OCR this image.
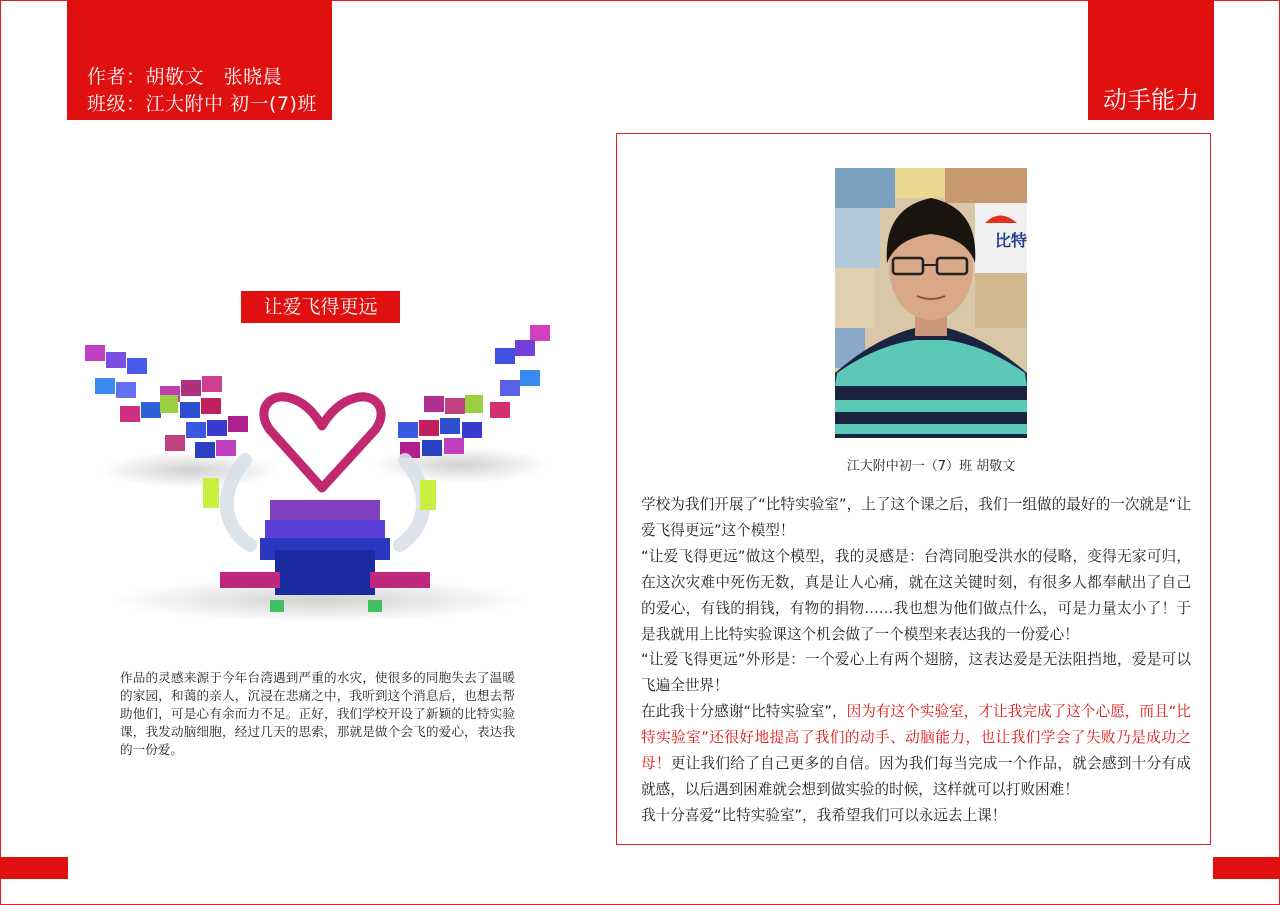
作者：胡敬文   张晓晨
班级：江大附中 初一(7)班	动手能力
让爱飞得更远
作品的灵感来源于今年台湾遇到严重的水灾，使很多的同胞失去了温暖的家园，和蔼的亲人，沉浸在悲痛之中，我听到这个消息后，也想去帮助他们，可是心有余而力不足。正好，我们学校开设了新颖的比特实验课，我发动脑细胞，经过几天的思索，那就是做个会飞的爱心，表达我的一份爱。
比特
江大附中初一（7）班 胡敬文

学校为我们开展了“比特实验室”，上了这个课之后，我们一组做的最好的一次就是“让爱飞得更远”这个模型！

“让爱飞得更远”做这个模型，我的灵感是：台湾同胞受洪水的侵略，变得无家可归，在这次灾难中死伤无数，真是让人心痛，就在这关键时刻，有很多人都奉献出了自己的爱心，有钱的捐钱，有物的捐物……我也想为他们做点什么，可是力量太小了！于是我就用上比特实验课这个机会做了一个模型来表达我的一份爱心！

“让爱飞得更远”外形是：一个爱心上有两个翅膀，这表达爱是无法阻挡地，爱是可以飞遍全世界！

在此我十分感谢“比特实验室”，因为有这个实验室，才让我完成了这个心愿，而且“比特实验室”还很好地提高了我们的动手、动脑能力，也让我们学会了失败乃是成功之母！更让我们给了自己更多的自信。因为我们每当完成一个作品，就会感到十分有成就感，以后遇到困难就会想到做实验的时候，这样就可以打败困难！

我十分喜爱“比特实验室”，我希望我们可以永远去上课！
